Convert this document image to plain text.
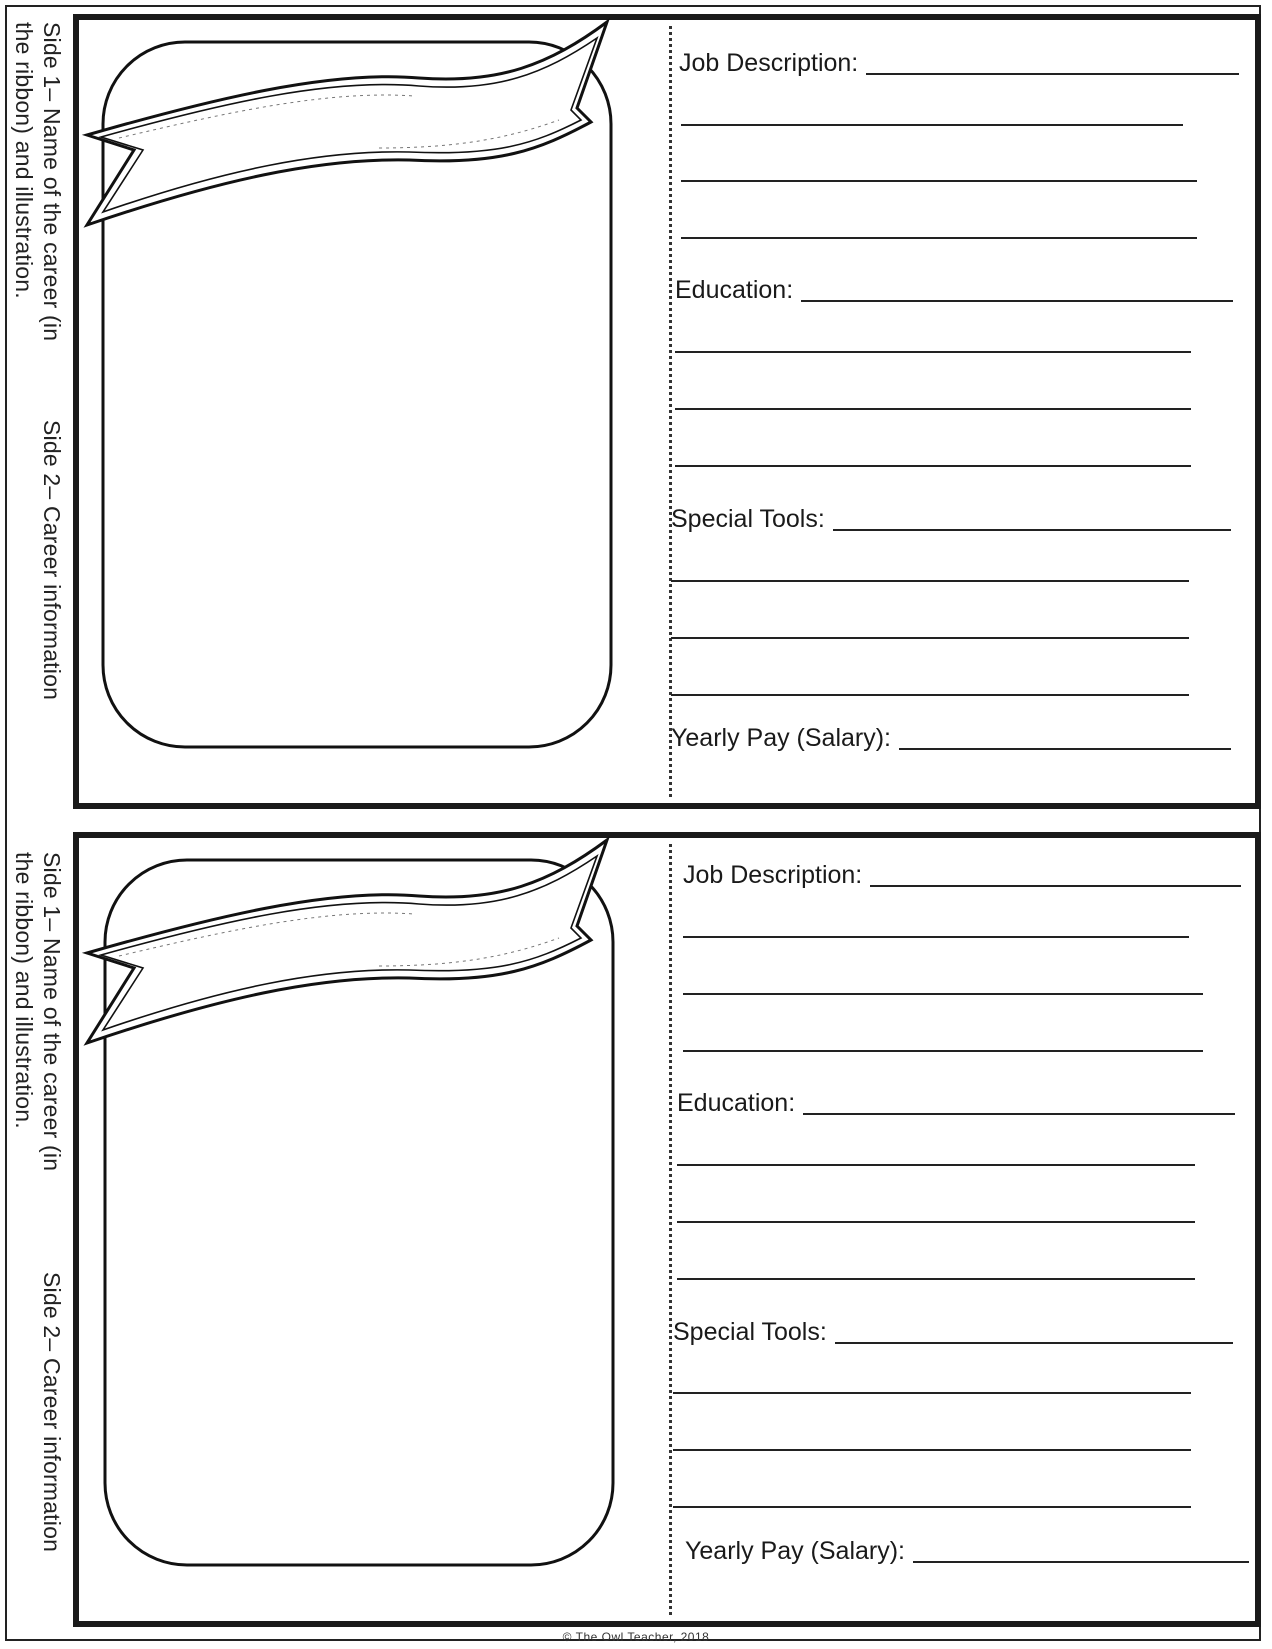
Side 1– Name of the career (in
the ribbon) and illustration.
Side 2– Career information
Job Description:
Education:
Special Tools:
Yearly Pay (Salary):
Side 1– Name of the career (in
the ribbon) and illustration.
Side 2– Career information
Job Description:
Education:
Special Tools:
Yearly Pay (Salary):
© The Owl Teacher, 2018
